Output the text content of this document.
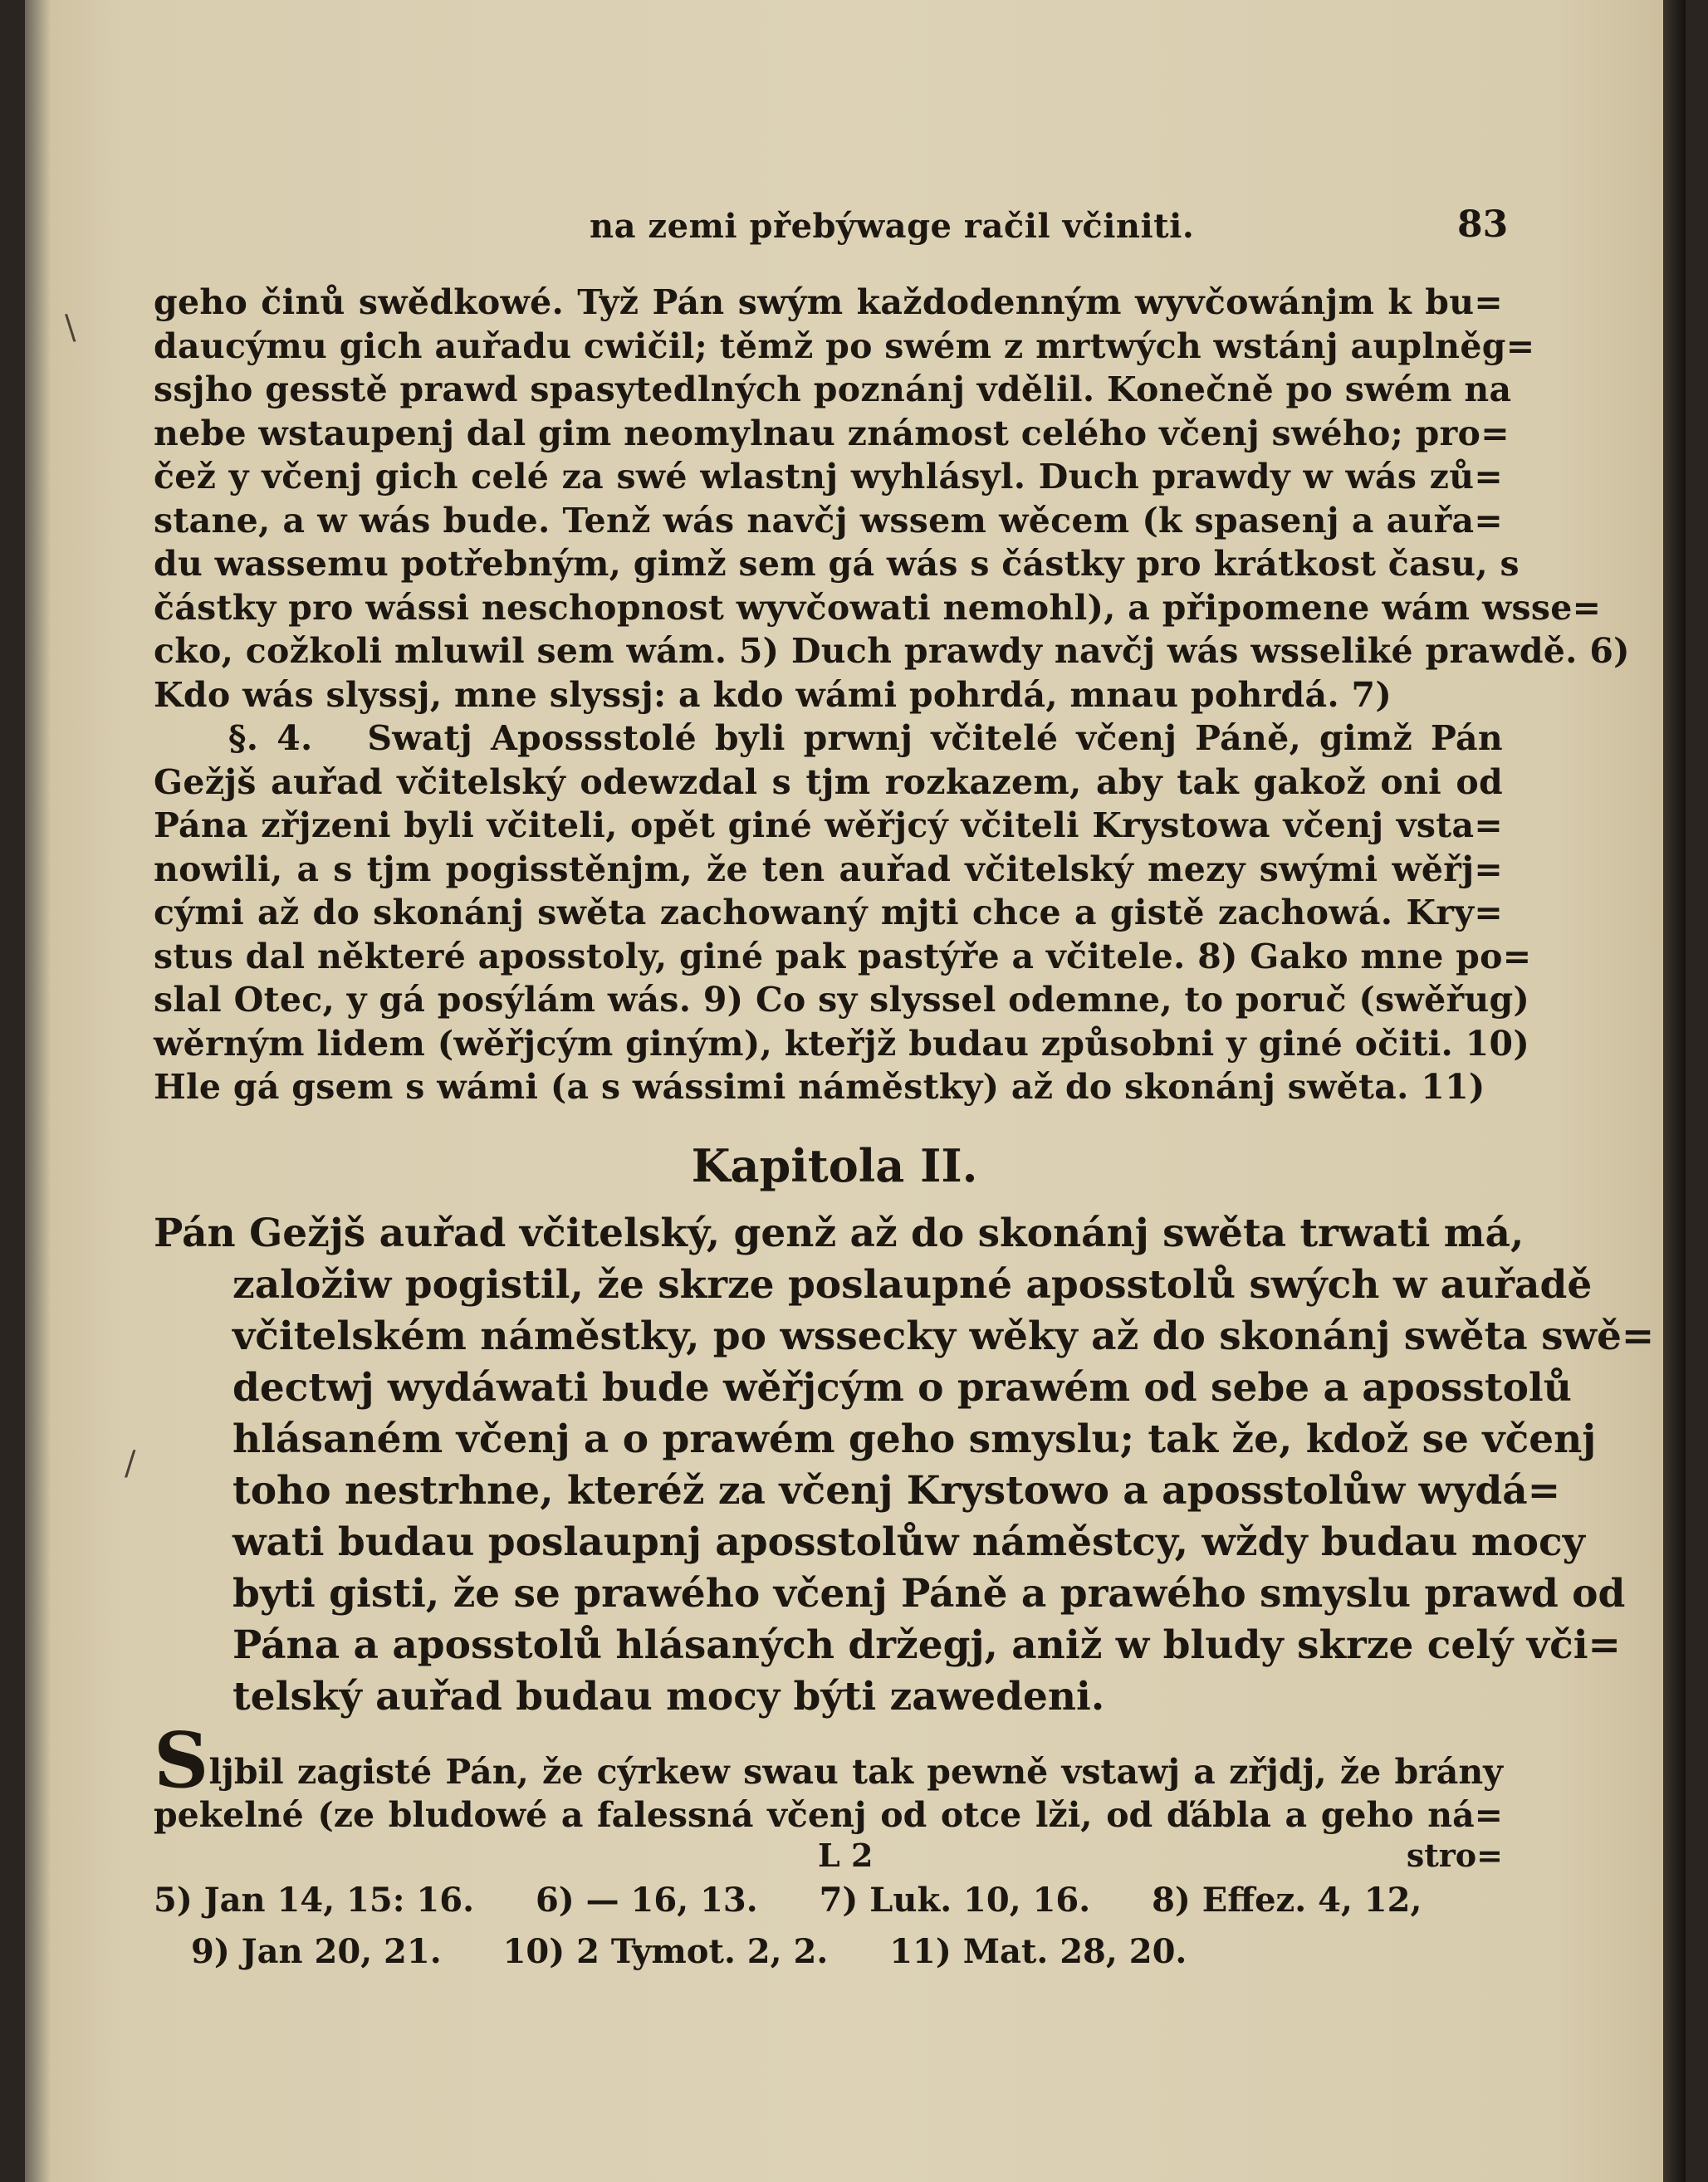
\
/
na zemi přebýwage račil včiniti.	83
geho činů swědkowé. Tyž Pán swým každodenným wyvčowánjm k bu=
daucýmu gich auřadu cwičil; těmž po swém z mrtwých wstánj auplněg=
ssjho gesstě prawd spasytedlných poznánj vdělil. Konečně po swém na
nebe wstaupenj dal gim neomylnau známost celého včenj swého; pro=
čež y včenj gich celé za swé wlastnj wyhlásyl. Duch prawdy w wás zů=
stane, a w wás bude. Tenž wás navčj wssem wěcem (k spasenj a auřa=
du wassemu potřebným, gimž sem gá wás s částky pro krátkost času, s
částky pro wássi neschopnost wyvčowati nemohl), a připomene wám wsse=
cko, cožkoli mluwil sem wám. 5) Duch prawdy navčj wás wsseliké prawdě. 6)
Kdo wás slyssj, mne slyssj: a kdo wámi pohrdá, mnau pohrdá. 7)
§. 4. Swatj Apossstolé byli prwnj včitelé včenj Páně, gimž Pán
Gežjš auřad včitelský odewzdal s tjm rozkazem, aby tak gakož oni od
Pána zřjzeni byli včiteli, opět giné wěřjcý včiteli Krystowa včenj vsta=
nowili, a s tjm pogisstěnjm, že ten auřad včitelský mezy swými wěřj=
cými až do skonánj swěta zachowaný mjti chce a gistě zachowá. Kry=
stus dal některé aposstoly, giné pak pastýře a včitele. 8) Gako mne po=
slal Otec, y gá posýlám wás. 9) Co sy slyssel odemne, to poruč (swěřug)
wěrným lidem (wěřjcým giným), kteřjž budau způsobni y giné očiti. 10)
Hle gá gsem s wámi (a s wássimi náměstky) až do skonánj swěta. 11)
Kapitola II.
Pán Gežjš auřad včitelský, genž až do skonánj swěta trwati má,
založiw pogistil, že skrze poslaupné aposstolů swých w auřadě
včitelském náměstky, po wssecky wěky až do skonánj swěta swě=
dectwj wydáwati bude wěřjcým o prawém od sebe a aposstolů
hlásaném včenj a o prawém geho smyslu; tak že, kdož se včenj
toho nestrhne, kteréž za včenj Krystowo a aposstolůw wydá=
wati budau poslaupnj aposstolůw náměstcy, wždy budau mocy
byti gisti, že se prawého včenj Páně a prawého smyslu prawd od
Pána a aposstolů hlásaných držegj, aniž w bludy skrze celý vči=
telský auřad budau mocy býti zawedeni.
Sljbil zagisté Pán, že cýrkew swau tak pewně vstawj a zřjdj, že brány
pekelné (ze bludowé a falessná včenj od otce lži, od ďábla a geho ná=
L 2	stro=
5) Jan 14, 15: 16. 6) — 16, 13. 7) Luk. 10, 16. 8) Effez. 4, 12,
9) Jan 20, 21. 10) 2 Tymot. 2, 2. 11) Mat. 28, 20.
